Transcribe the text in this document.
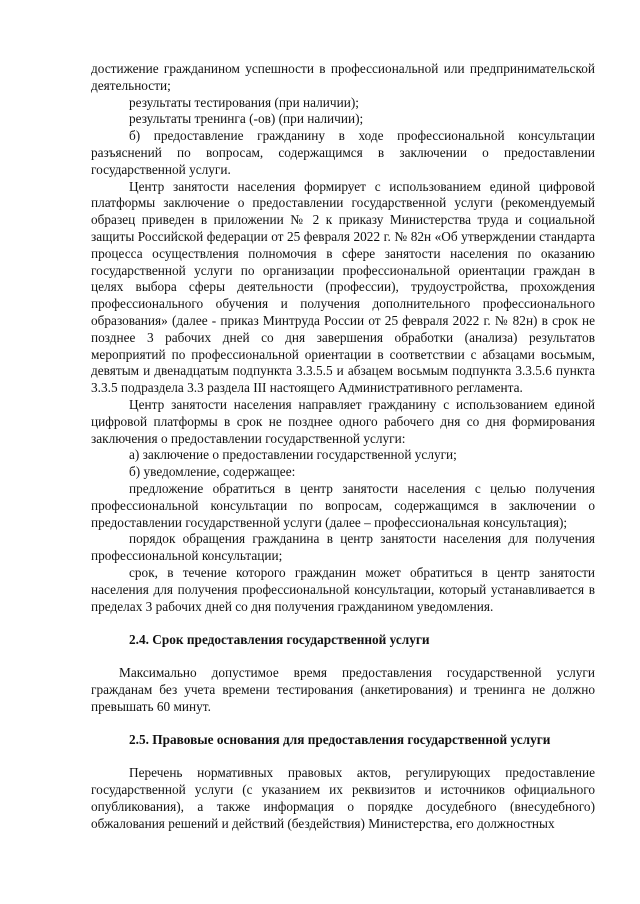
достижение гражданином успешности в профессиональной или предпринимательской деятельности;

результаты тестирования (при наличии);

результаты тренинга (-ов) (при наличии);

б) предоставление гражданину в ходе профессиональной консультации разъяснений по вопросам, содержащимся в заключении о предоставлении государственной услуги.

Центр занятости населения формирует с использованием единой цифровой платформы заключение о предоставлении государственной услуги (рекомендуемый образец приведен в приложении № 2 к приказу Министерства труда и социальной защиты Российской федерации от 25 февраля 2022 г. № 82н «Об утверждении стандарта процесса осуществления полномочия в сфере занятости населения по оказанию государственной услуги по организации профессиональной ориентации граждан в целях выбора сферы деятельности (профессии), трудоустройства, прохождения профессионального обучения и получения дополнительного профессионального образования» (далее - приказ Минтруда России от 25 февраля 2022 г. № 82н) в срок не позднее 3 рабочих дней со дня завершения обработки (анализа) результатов мероприятий по профессиональной ориентации в соответствии с абзацами восьмым, девятым и двенадцатым подпункта 3.3.5.5 и абзацем восьмым подпункта 3.3.5.6 пункта 3.3.5 подраздела 3.3 раздела III настоящего Административного регламента.

Центр занятости населения направляет гражданину с использованием единой цифровой платформы в срок не позднее одного рабочего дня со дня формирования заключения о предоставлении государственной услуги:

а) заключение о предоставлении государственной услуги;

б) уведомление, содержащее:

предложение обратиться в центр занятости населения с целью получения профессиональной консультации по вопросам, содержащимся в заключении о предоставлении государственной услуги (далее – профессиональная консультация);

порядок обращения гражданина в центр занятости населения для получения профессиональной консультации;

срок, в течение которого гражданин может обратиться в центр занятости населения для получения профессиональной консультации, который устанавливается в пределах 3 рабочих дней со дня получения гражданином уведомления.

2.4. Срок предоставления государственной услуги

Максимально допустимое время предоставления государственной услуги гражданам без учета времени тестирования (анкетирования) и тренинга не должно превышать 60 минут.

2.5. Правовые основания для предоставления государственной услуги

Перечень нормативных правовых актов, регулирующих предоставление государственной услуги (с указанием их реквизитов и источников официального опубликования), а также информация о порядке досудебного (внесудебного) обжалования решений и действий (бездействия) Министерства, его должностных
